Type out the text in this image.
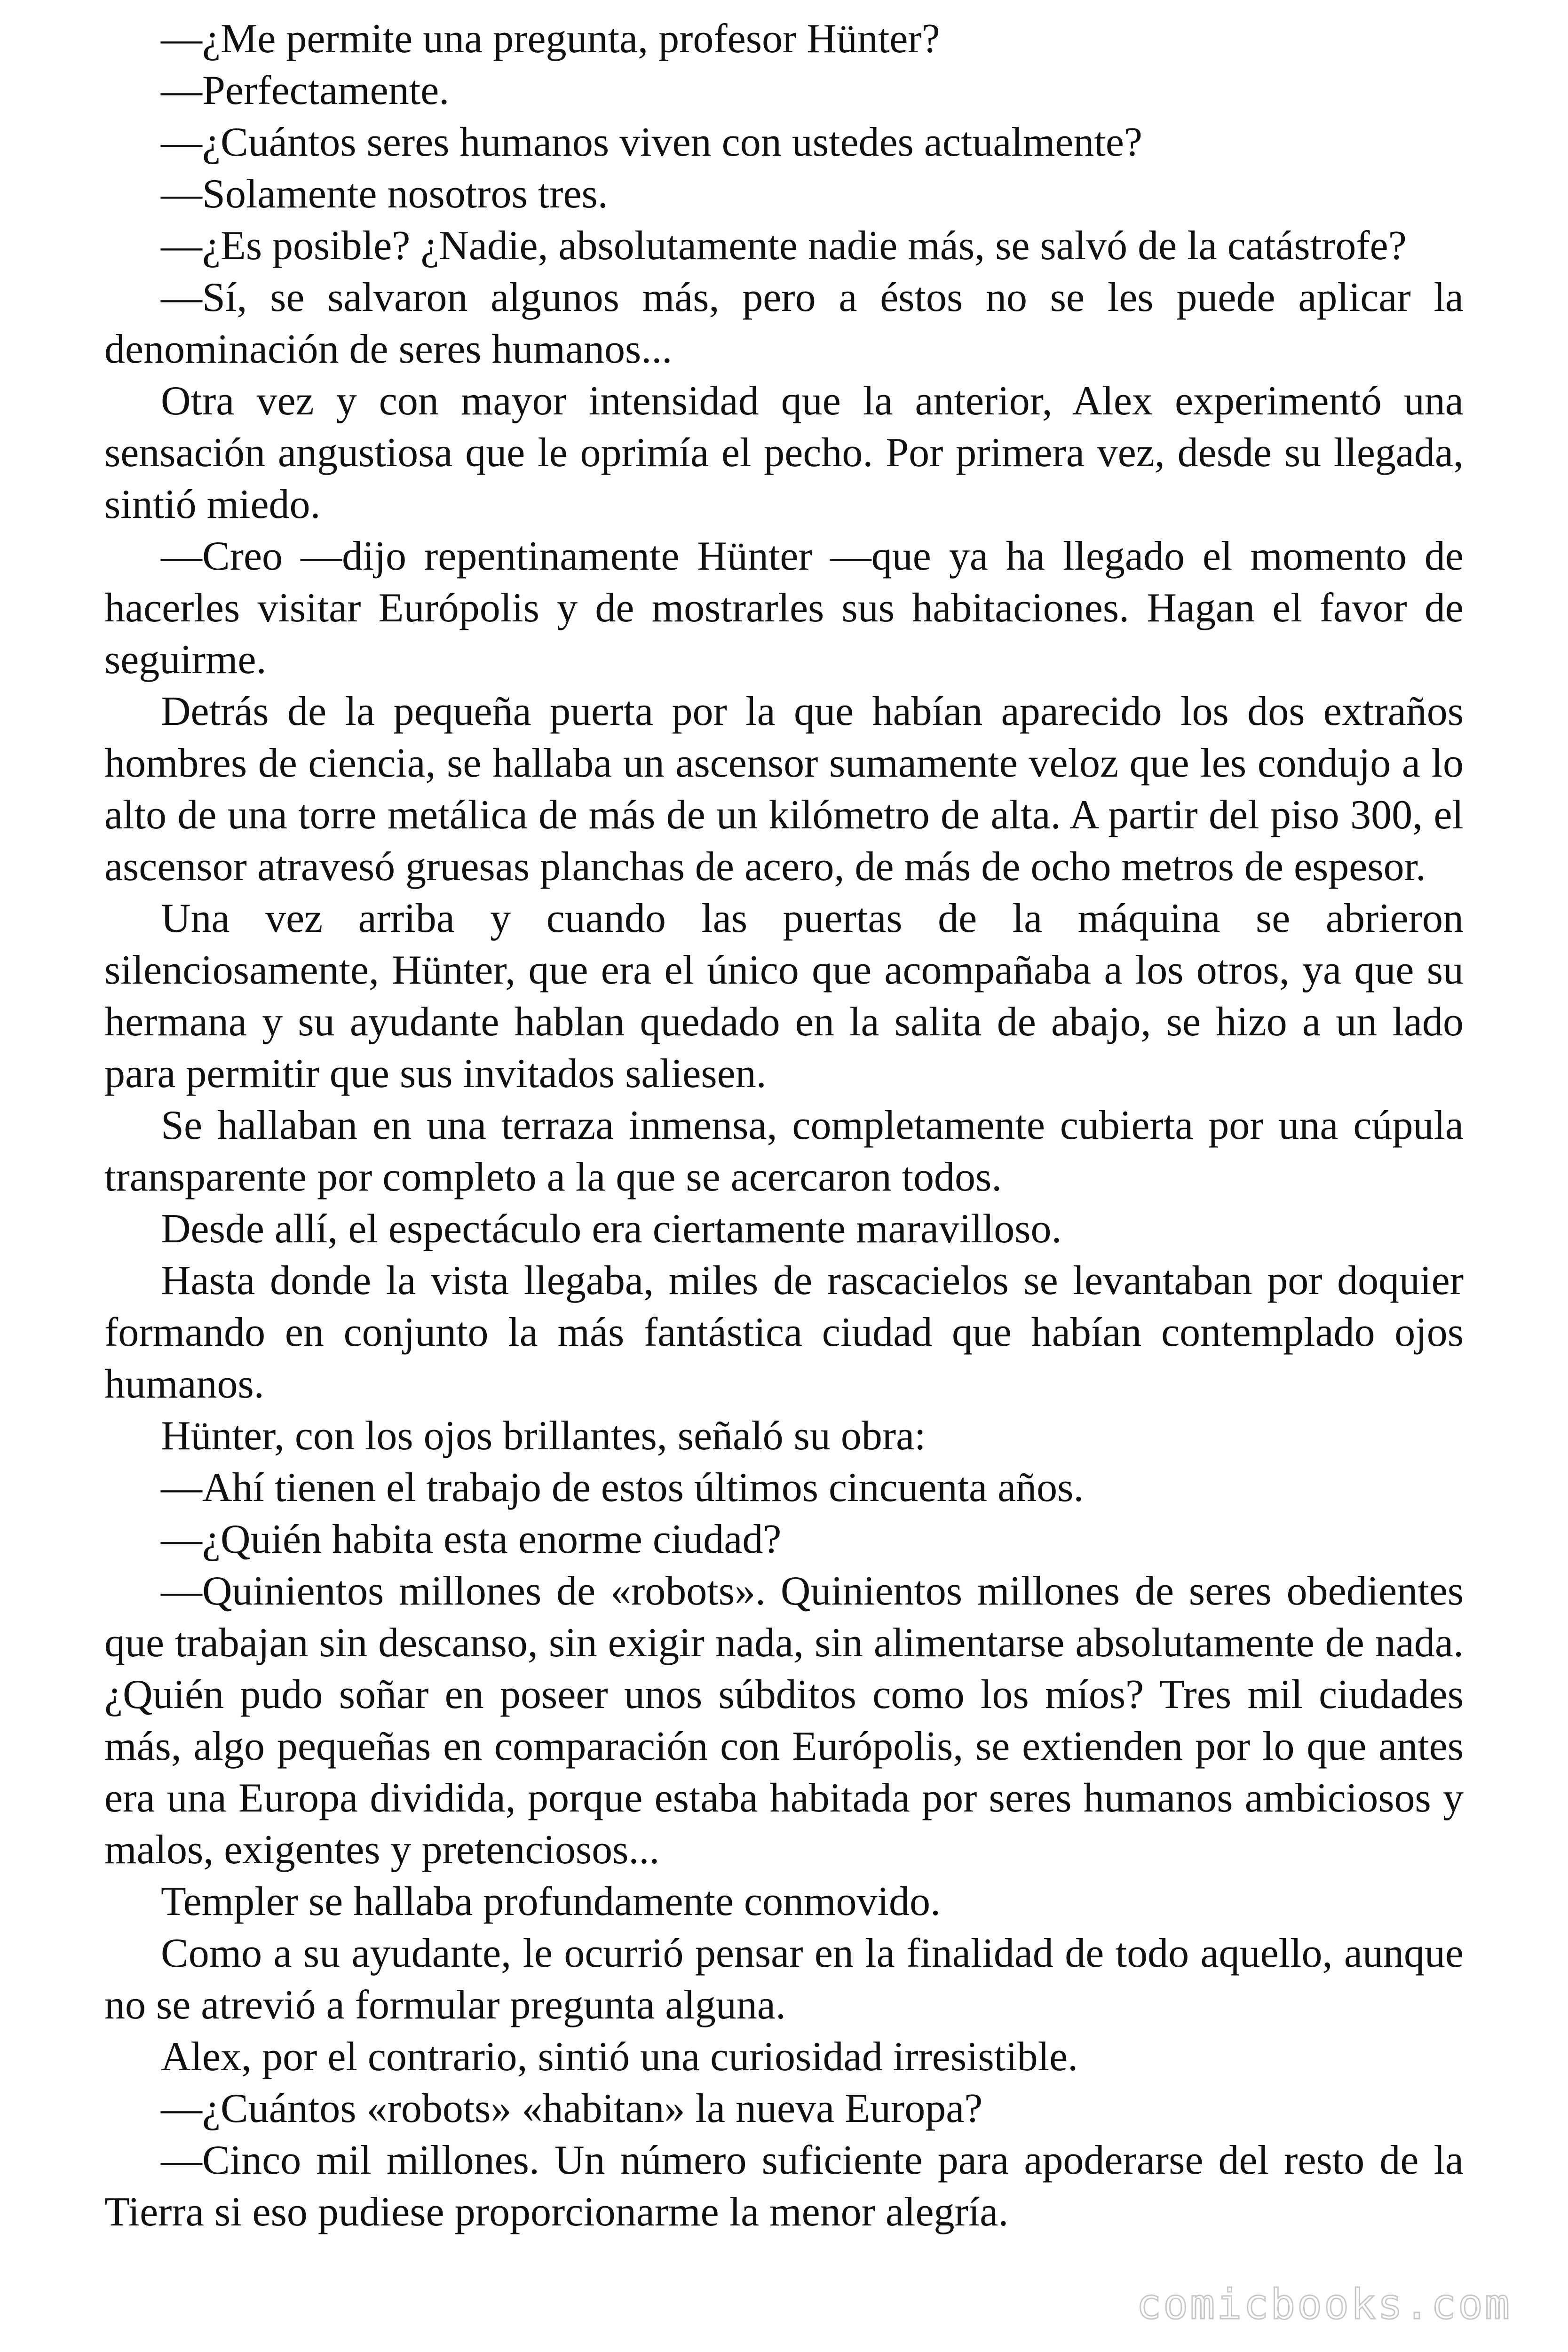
—¿Me permite una pregunta, profesor Hünter?

—Perfectamente.

—¿Cuántos seres humanos viven con ustedes actualmente?

—Solamente nosotros tres.

—¿Es posible? ¿Nadie, absolutamente nadie más, se salvó de la catástrofe?

—Sí, se salvaron algunos más, pero a éstos no se les puede aplicar la denominación de seres humanos...

Otra vez y con mayor intensidad que la anterior, Alex experimentó una sensación angustiosa que le oprimía el pecho. Por primera vez, desde su llegada, sintió miedo.

—Creo —dijo repentinamente Hünter —que ya ha llegado el momento de hacerles visitar Európolis y de mostrarles sus habitaciones. Hagan el favor de seguirme.

Detrás de la pequeña puerta por la que habían aparecido los dos extraños hombres de ciencia, se hallaba un ascensor sumamente veloz que les condujo a lo alto de una torre metálica de más de un kilómetro de alta. A partir del piso 300, el ascensor atravesó gruesas planchas de acero, de más de ocho metros de espesor.

Una vez arriba y cuando las puertas de la máquina se abrieron silenciosamente, Hünter, que era el único que acompañaba a los otros, ya que su hermana y su ayudante hablan quedado en la salita de abajo, se hizo a un lado para permitir que sus invitados saliesen.

Se hallaban en una terraza inmensa, completamente cubierta por una cúpula transparente por completo a la que se acercaron todos.

Desde allí, el espectáculo era ciertamente maravilloso.

Hasta donde la vista llegaba, miles de rascacielos se levantaban por doquier formando en conjunto la más fantástica ciudad que habían contemplado ojos humanos.

Hünter, con los ojos brillantes, señaló su obra:

—Ahí tienen el trabajo de estos últimos cincuenta años.

—¿Quién habita esta enorme ciudad?

—Quinientos millones de «robots». Quinientos millones de seres obedientes que trabajan sin descanso, sin exigir nada, sin alimentarse absolutamente de nada. ¿Quién pudo soñar en poseer unos súbditos como los míos? Tres mil ciudades más, algo pequeñas en comparación con Európolis, se extienden por lo que antes era una Europa dividida, porque estaba habitada por seres humanos ambiciosos y malos, exigentes y pretenciosos...

Templer se hallaba profundamente conmovido.

Como a su ayudante, le ocurrió pensar en la finalidad de todo aquello, aunque no se atrevió a formular pregunta alguna.

Alex, por el contrario, sintió una curiosidad irresistible.

—¿Cuántos «robots» «habitan» la nueva Europa?

—Cinco mil millones. Un número suficiente para apoderarse del resto de la Tierra si eso pudiese proporcionarme la menor alegría.

comicbooks.com
